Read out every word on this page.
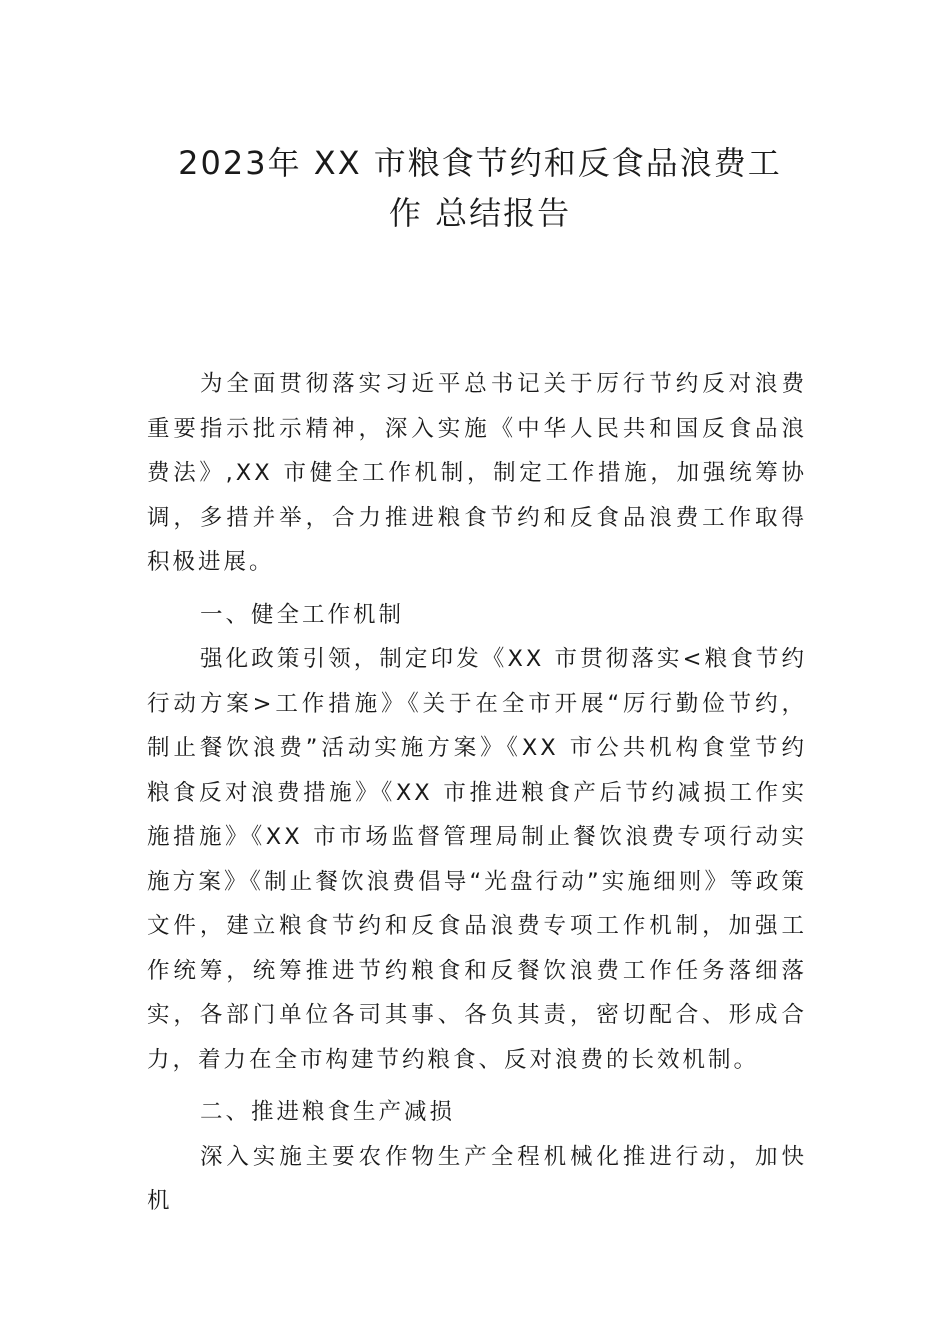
2023年 XX 市粮食节约和反食品浪费工
作 总结报告

为全面贯彻落实习近平总书记关于厉行节约反对浪费重要指示批示精神，深入实施《中华人民共和国反食品浪费法》,XX 市健全工作机制，制定工作措施，加强统筹协调，多措并举，合力推进粮食节约和反食品浪费工作取得积极进展。

一、健全工作机制

强化政策引领，制定印发《XX 市贯彻落实<粮食节约行动方案>工作措施》《关于在全市开展“厉行勤俭节约，制止餐饮浪费”活动实施方案》《XX 市公共机构食堂节约粮食反对浪费措施》《XX 市推进粮食产后节约减损工作实施措施》《XX 市市场监督管理局制止餐饮浪费专项行动实施方案》《制止餐饮浪费倡导“光盘行动”实施细则》等政策文件，建立粮食节约和反食品浪费专项工作机制，加强工作统筹，统筹推进节约粮食和反餐饮浪费工作任务落细落实，各部门单位各司其事、各负其责，密切配合、形成合力，着力在全市构建节约粮食、反对浪费的长效机制。

二、推进粮食生产减损

深入实施主要农作物生产全程机械化推进行动，加快机
